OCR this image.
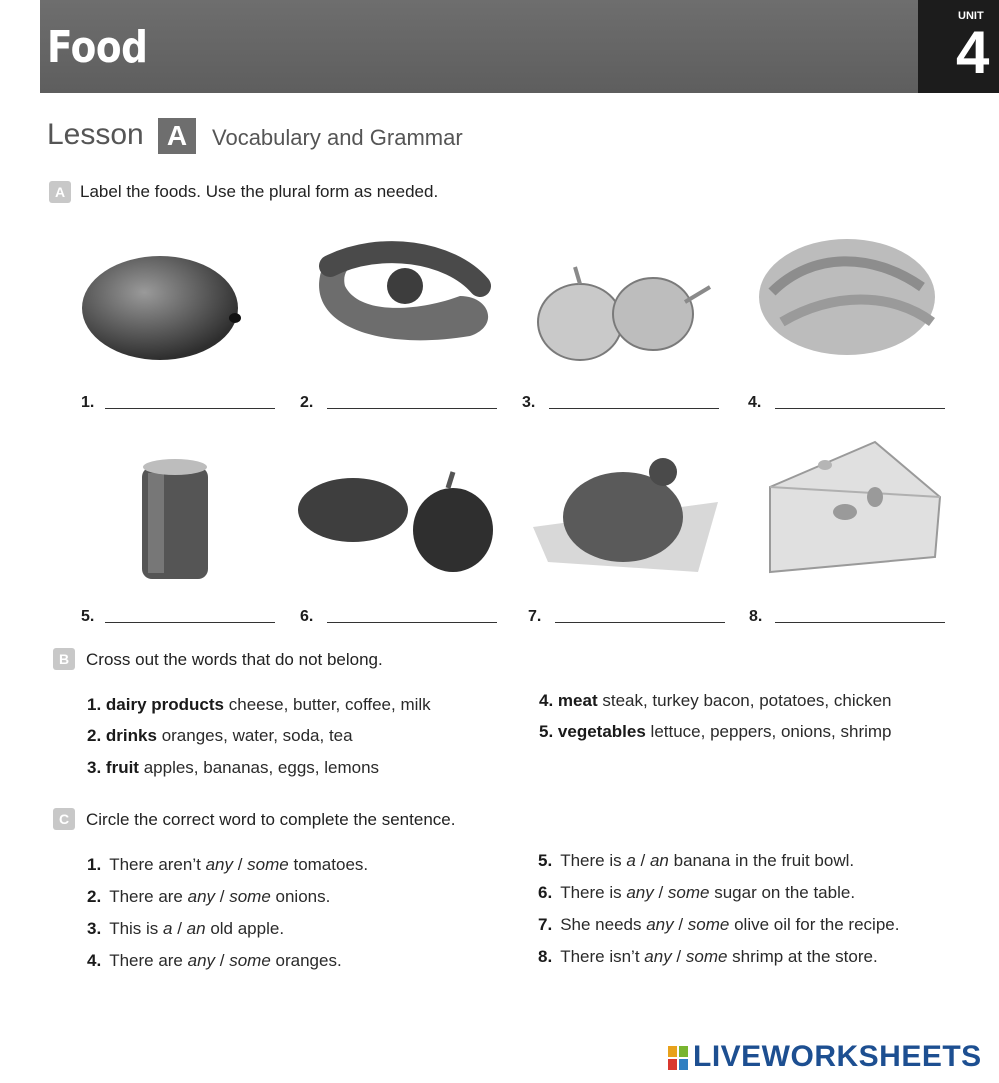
Food
UNIT
4
Lesson A	Vocabulary and Grammar
A Label the foods. Use the plural form as needed.
1.	2.	3.	4.
5.	6.	7.	8.
B Cross out the words that do not belong.
1. dairy products cheese, butter, coffee, milk
2. drinks oranges, water, soda, tea
3. fruit apples, bananas, eggs, lemons
4. meat steak, turkey bacon, potatoes, chicken
5. vegetables lettuce, peppers, onions, shrimp
C Circle the correct word to complete the sentence.
1. There aren’t any / some tomatoes.
2. There are any / some onions.
3. This is a / an old apple.
4. There are any / some oranges.
5. There is a / an banana in the fruit bowl.
6. There is any / some sugar on the table.
7. She needs any / some olive oil for the recipe.
8. There isn’t any / some shrimp at the store.
LIVEWORKSHEETS
